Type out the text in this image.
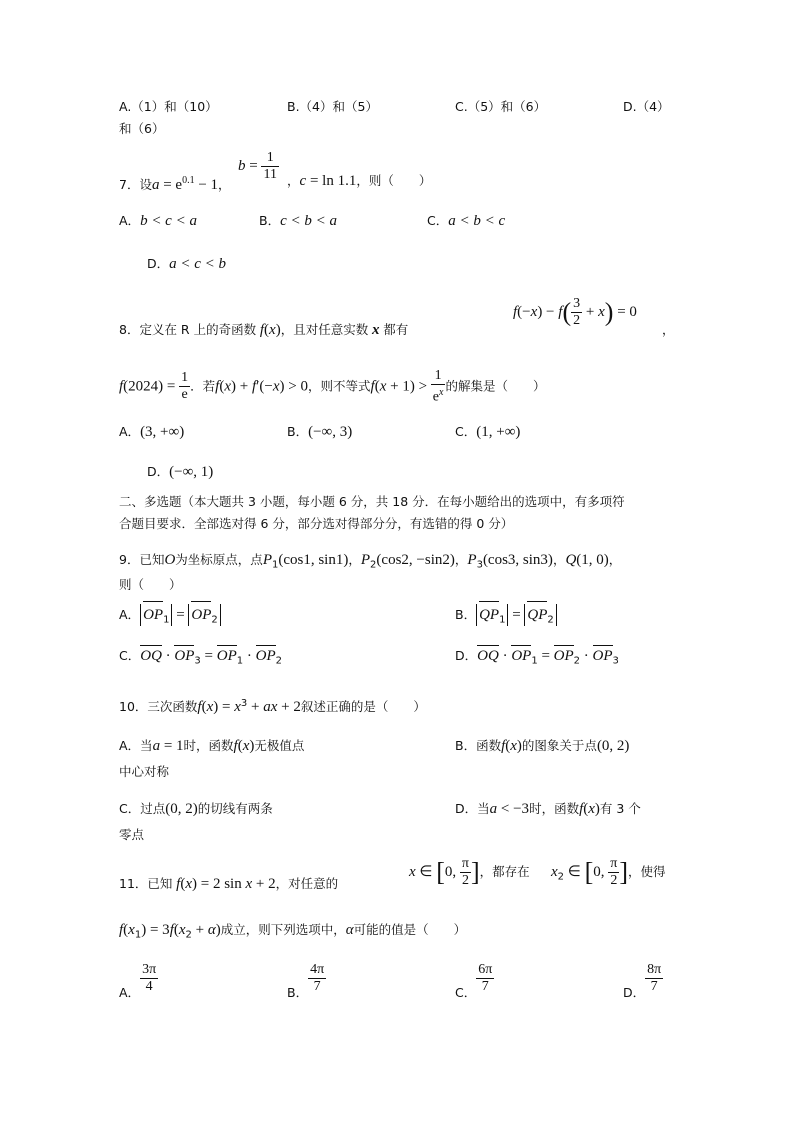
A.（1）和（10）	B.（4）和（5）	C.（5）和（6）	D.（4）
和（6）
7．设$a = e^{0.1} - 1$，
$b = \frac{1}{11}$ ，c = ln 1.1，则（　　）
A．b < c < a	B．c < b < a	C．a < b < c
D．a < c < b
8．定义在 R 上的奇函数 f(x)，且对任意实数 x 都有
$f(-x) - f( \frac{3}{2} + x) = 0$
，
$f(2024) = \frac{1}{e}$ ．若f(x) + f′(−x) > 0，则不等式$f(x + 1) > \frac{1}{e^x}$ 的解集是（　　）
A．(3, +∞)	B．(−∞, 3)	C．(1, +∞)
D．(−∞, 1)
二、多选题（本大题共 3 小题，每小题 6 分，共 18 分．在每小题给出的选项中，有多项符
合题目要求．全部选对得 6 分，部分选对得部分分，有选错的得 0 分）
9．已知O为坐标原点，点$P_1(\cos 1$, sin1)，$P_2(\cos 2$, −sin2)，$P_3(\cos 3$, sin3)，Q(1, 0)，
则（　　）
A． $OP_1 = OP_2$	B． $QP_1 = QP_2$
C．OQ · $OP_3 = OP_1 \cdot OP_2$	D．OQ · $OP_1 = OP_2 \cdot OP_3$
10．三次函数$f(x) = x^3$ + ax + 2叙述正确的是（　　）
A．当a = 1时，函数f(x)无极值点	B．函数f(x)的图象关于点(0, 2)
中心对称
C．过点(0, 2)的切线有两条	D．当a < −3时，函数f(x)有 3 个
零点
11．已知 f(x) = 2 sin x + 2，对任意的
x ∈ [0, $\frac{\pi}{2}$ ]，都存在 $x_2$ ∈ [0, $\frac{\pi}{2}$ ]，使得
$f(x_1) = 3f(x_2 + \alpha)$成立，则下列选项中，α可能的值是（　　）
A． $\frac{3\pi}{4}$	B． $\frac{4\pi}{7}$	C． $\frac{6\pi}{7}$	D． $\frac{8\pi}{7}$
